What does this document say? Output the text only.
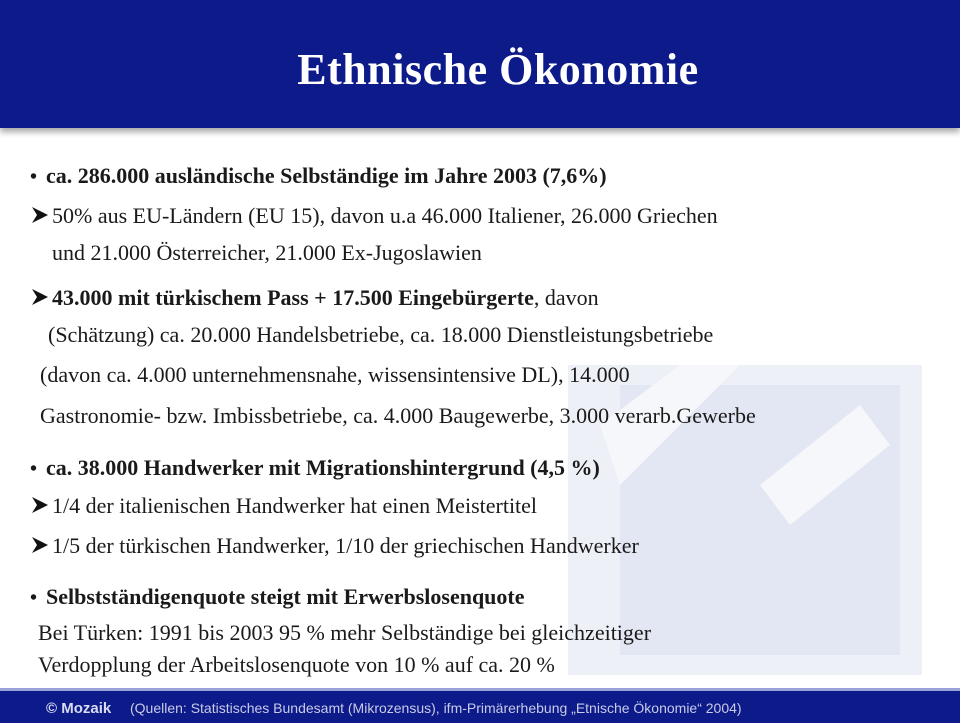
Ethnische Ökonomie
• ca. 286.000 ausländische Selbständige im Jahre 2003 (7,6%)
50% aus EU-Ländern (EU 15), davon u.a 46.000 Italiener, 26.000 Griechen
und 21.000 Österreicher, 21.000 Ex-Jugoslawien
43.000 mit türkischem Pass + 17.500 Eingebürgerte, davon
(Schätzung) ca. 20.000 Handelsbetriebe, ca. 18.000 Dienstleistungsbetriebe
(davon ca. 4.000 unternehmensnahe, wissensintensive DL), 14.000
Gastronomie- bzw. Imbissbetriebe, ca. 4.000 Baugewerbe, 3.000 verarb.Gewerbe
• ca. 38.000 Handwerker mit Migrationshintergrund (4,5 %)
1/4 der italienischen Handwerker hat einen Meistertitel
1/5 der türkischen Handwerker, 1/10 der griechischen Handwerker
• Selbstständigenquote steigt mit Erwerbslosenquote
Bei Türken: 1991 bis 2003 95 % mehr Selbständige bei gleichzeitiger
Verdopplung der Arbeitslosenquote von 10 % auf ca. 20 %
© Mozaik (Quellen: Statistisches Bundesamt (Mikrozensus), ifm-Primärerhebung „Etnische Ökonomie“ 2004)
